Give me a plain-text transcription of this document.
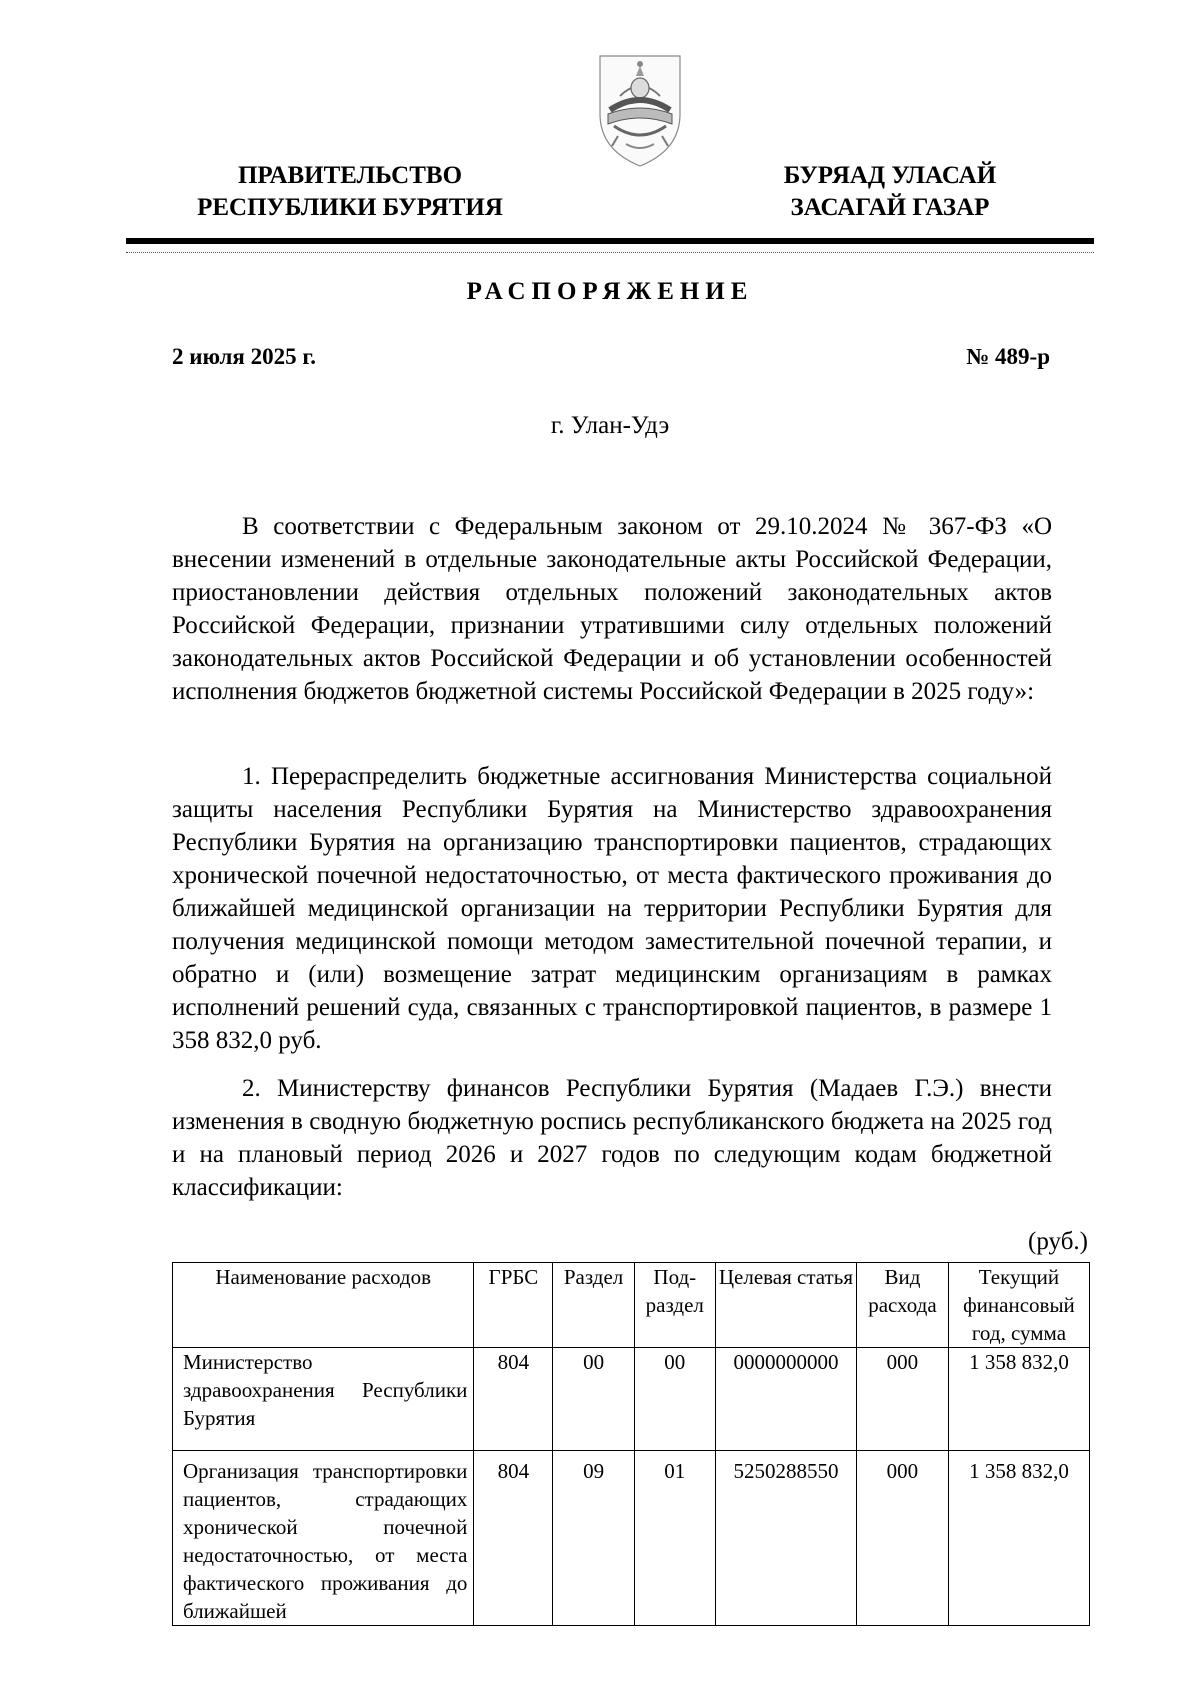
ПРАВИТЕЛЬСТВО
РЕСПУБЛИКИ БУРЯТИЯ
БУРЯАД УЛАСАЙ
ЗАСАГАЙ ГАЗАР
РАСПОРЯЖЕНИЕ
2 июля 2025 г.	№ 489-р
г. Улан-Удэ

В соответствии с Федеральным законом от 29.10.2024 № 367-ФЗ «О внесении изменений в отдельные законодательные акты Российской Федерации, приостановлении действия отдельных положений законодательных актов Российской Федерации, признании утратившими силу отдельных положений законодательных актов Российской Федерации и об установлении особенностей исполнения бюджетов бюджетной системы Российской Федерации в 2025 году»:

1. Перераспределить бюджетные ассигнования Министерства социальной защиты населения Республики Бурятия на Министерство здравоохранения Республики Бурятия на организацию транспортировки пациентов, страдающих хронической почечной недостаточностью, от места фактического проживания до ближайшей медицинской организации на территории Республики Бурятия для получения медицинской помощи методом заместительной почечной терапии, и обратно и (или) возмещение затрат медицинским организациям в рамках исполнений решений суда, связанных с транспортировкой пациентов, в размере 1 358 832,0 руб.

2. Министерству финансов Республики Бурятия (Мадаев Г.Э.) внести изменения в сводную бюджетную роспись республиканского бюджета на 2025 год и на плановый период 2026 и 2027 годов по следующим кодам бюджетной классификации:

(руб.)
Наименование расходов	ГРБС	Раздел	Под- раздел	Целевая статья	Вид расхода	Текущий финансовый год, сумма
Министерство здравоохранения Республики Бурятия	804	00	00	0000000000	000	1 358 832,0
Организация транспортировки пациентов, страдающих хронической почечной недостаточностью, от места фактического проживания до ближайшей	804	09	01	5250288550	000	1 358 832,0
